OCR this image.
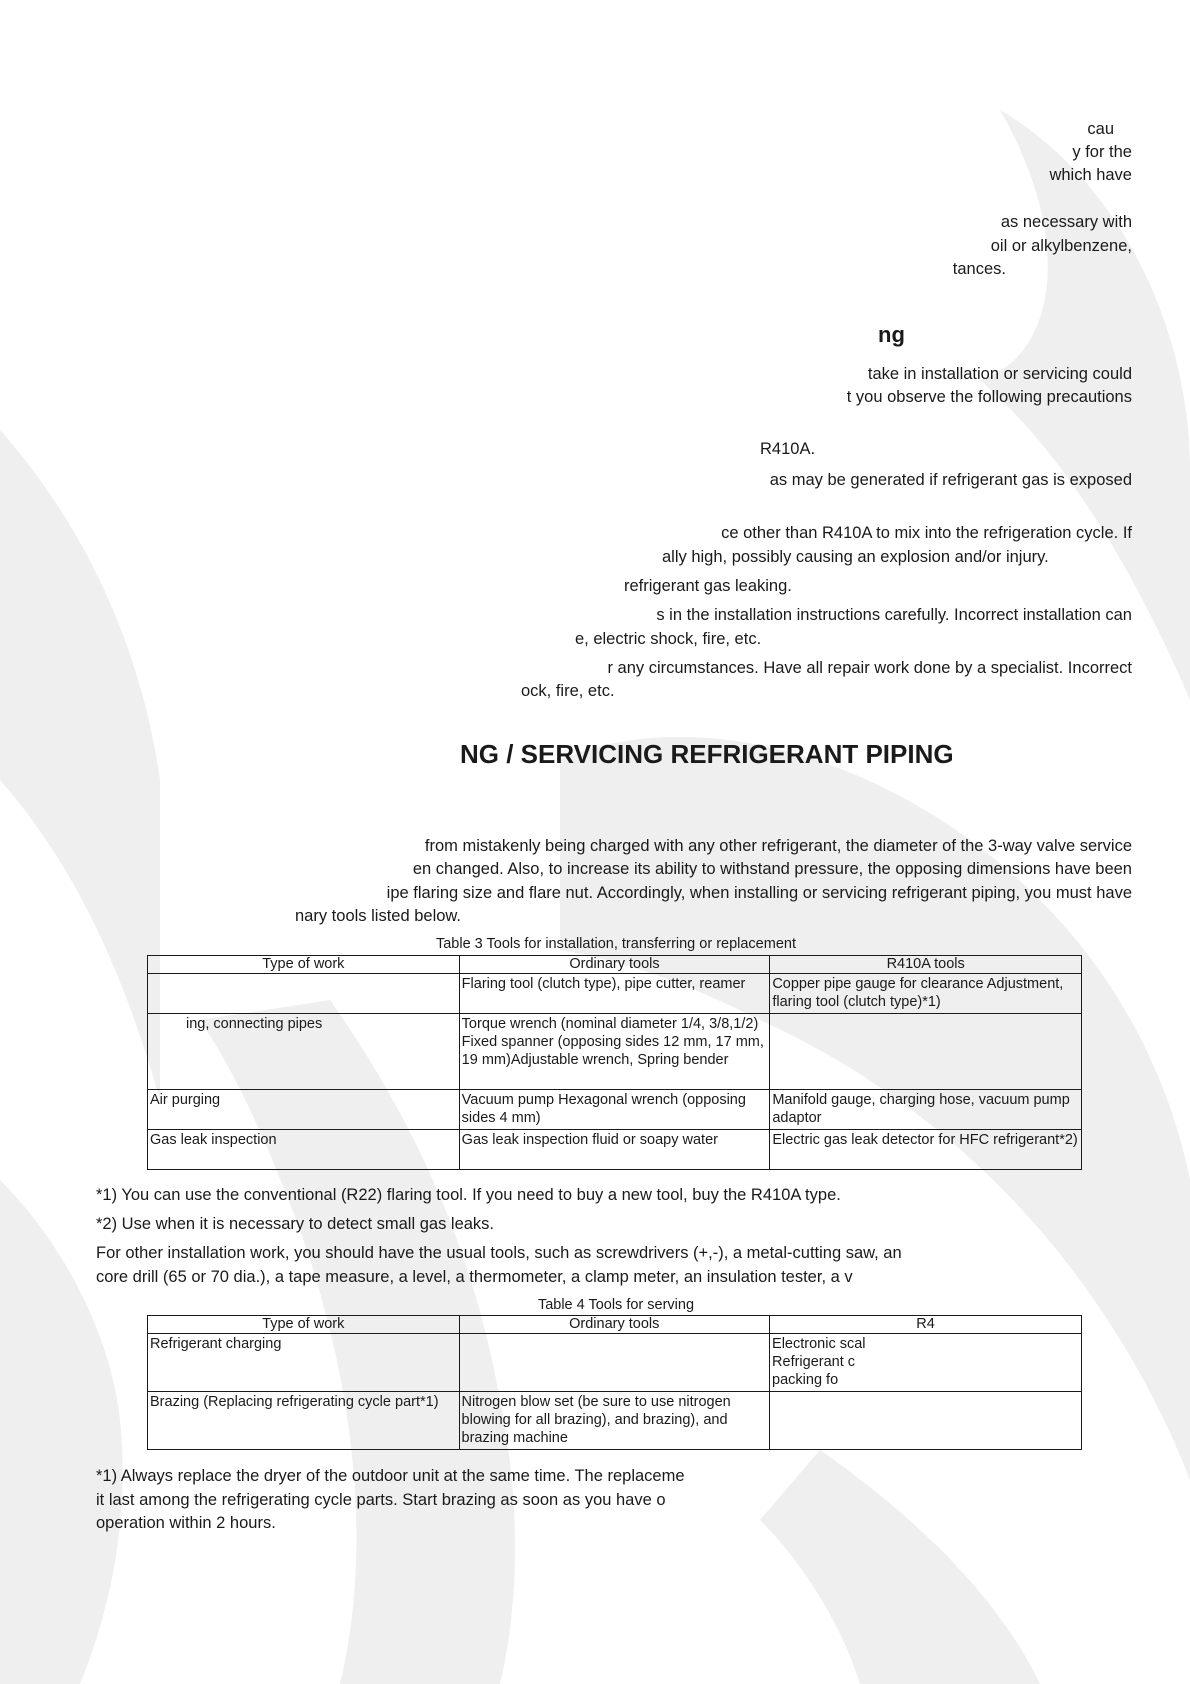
cau
y for the
which have
as necessary with
oil or alkylbenzene,
tances.
ng
take in installation or servicing could
t you observe the following precautions
R410A.
as may be generated if refrigerant gas is exposed
ce other than R410A to mix into the refrigeration cycle. If
ally high, possibly causing an explosion and/or injury.
refrigerant gas leaking.
s in the installation instructions carefully. Incorrect installation can
e, electric shock, fire, etc.
r any circumstances. Have all repair work done by a specialist. Incorrect
ock, fire, etc.
NG / SERVICING REFRIGERANT PIPING
from mistakenly being charged with any other refrigerant, the diameter of the 3-way valve service
en changed. Also, to increase its ability to withstand pressure, the opposing dimensions have been
ipe flaring size and flare nut. Accordingly, when installing or servicing refrigerant piping, you must have
nary tools listed below.
Table 3 Tools for installation, transferring or replacement
Type of work	Ordinary tools	R410A tools
	Flaring tool (clutch type), pipe cutter, reamer	Copper pipe gauge for clearance Adjustment, flaring tool (clutch type)*1)
ing, connecting pipes	Torque wrench (nominal diameter 1/4, 3/8,1/2) Fixed spanner (opposing sides 12 mm, 17 mm, 19 mm)Adjustable wrench, Spring bender	
Air purging	Vacuum pump Hexagonal wrench (opposing sides 4 mm)	Manifold gauge, charging hose, vacuum pump adaptor
Gas leak inspection	Gas leak inspection fluid or soapy water	Electric gas leak detector for HFC refrigerant*2)
*1) You can use the conventional (R22) flaring tool. If you need to buy a new tool, buy the R410A type.
*2) Use when it is necessary to detect small gas leaks.
For other installation work, you should have the usual tools, such as screwdrivers (+,-), a metal-cutting saw, an
core drill (65 or 70 dia.), a tape measure, a level, a thermometer, a clamp meter, an insulation tester, a v
Table 4 Tools for serving
Type of work	Ordinary tools	R4
Refrigerant charging		Electronic scal Refrigerant c packing fo
Brazing (Replacing refrigerating cycle part*1)	Nitrogen blow set (be sure to use nitrogen blowing for all brazing), and brazing), and brazing machine	
*1) Always replace the dryer of the outdoor unit at the same time. The replaceme
it last among the refrigerating cycle parts. Start brazing as soon as you have o
operation within 2 hours.
